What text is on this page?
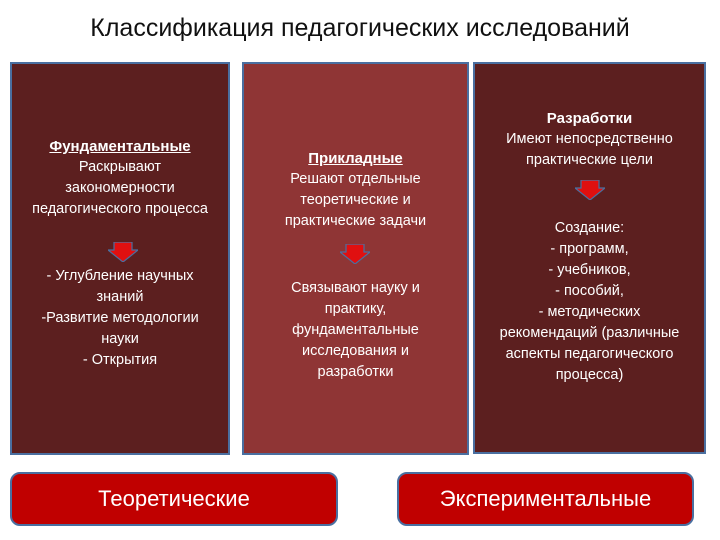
Классификация педагогических исследований
Фундаментальные
Раскрывают
закономерности
педагогического процесса
- Углубление научных
знаний
-Развитие методологии
науки
- Открытия
Прикладные
Решают отдельные
теоретические и
практические задачи
Связывают науку и
практику,
фундаментальные
исследования и
разработки
Разработки
Имеют непосредственно
практические цели
Создание:
- программ,
- учебников,
- пособий,
- методических
рекомендаций (различные
аспекты педагогического
процесса)
Теоретические	Экспериментальные
